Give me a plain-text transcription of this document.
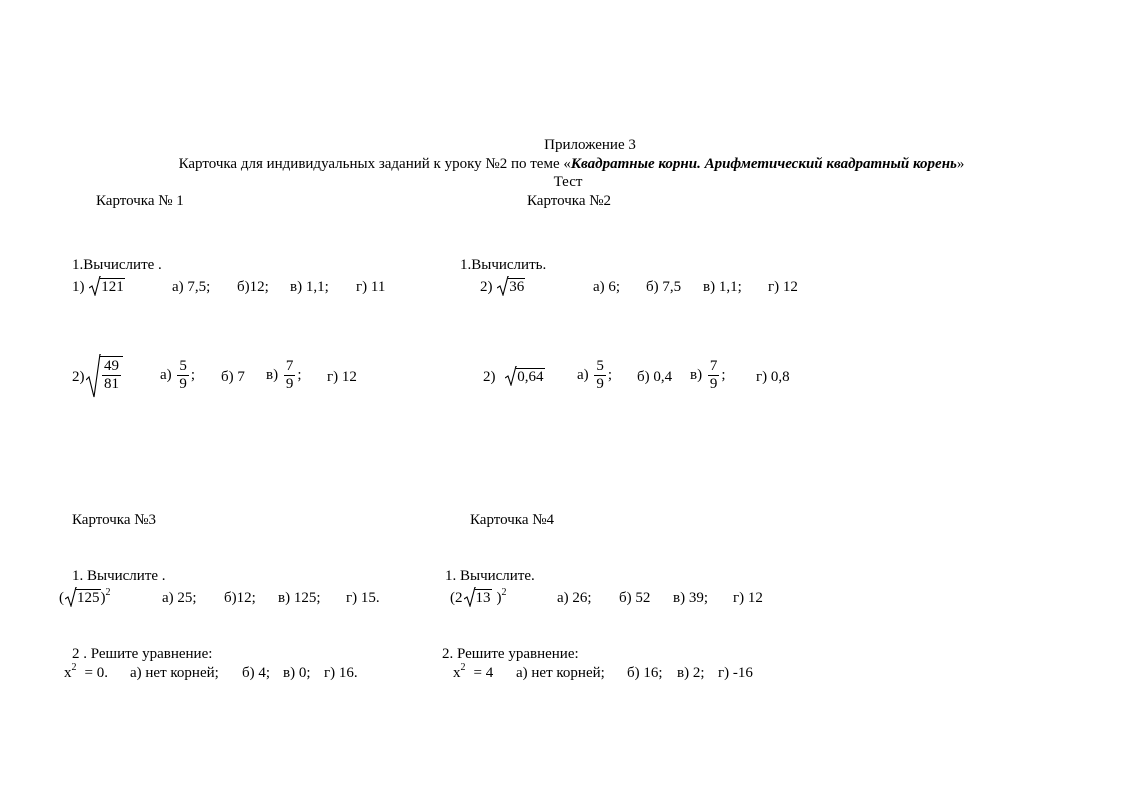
Приложение 3
Карточка для индивидуальных заданий к уроку №2 по теме «Квадратные корни. Арифметический квадратный корень»
Тест
Карточка № 1
1.Вычислите .
1) 121	а) 7,5; б)12; в) 1,1; г) 11
$2) \frac{49}{81}$	$а) \frac{5}{9}$ ; б) 7 $в) \frac{7}{9}$ ; г) 12
Карточка №2
1.Вычислить.
2) 36	а) 6; б) 7,5 в) 1,1; г) 12
2) 0,64 $а) \frac{5}{9}$ ; б) 0,4 $в) \frac{7}{9}$ ; г) 0,8
Карточка №3
1. Вычислите .
( 125)$^2$	а) 25; б)12; в) 125; г) 15.
2 . Решите уравнение:
$x^2 = 0$. а) нет корней; б) 4; в) 0; г) 16.
Карточка №4
1. Вычислите.
(2 13 )$^2$	а) 26; б) 52 в) 39; г) 12
2. Решите уравнение:
$x^2 = 4$ а) нет корней; б) 16; в) 2; г) -16
